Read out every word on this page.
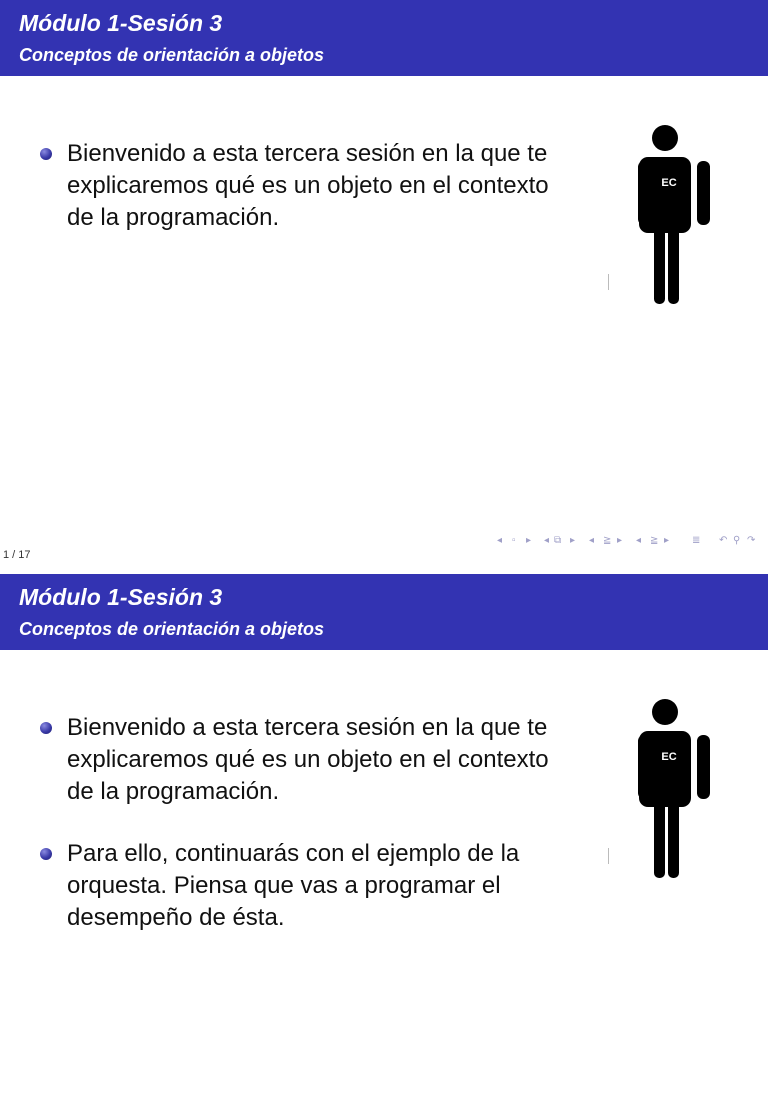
Módulo 1-Sesión 3
Conceptos de orientación a objetos
Bienvenido a esta tercera sesión en la que te explicaremos qué es un objeto en el contexto de la programación.
EC
◂ ▫ ▸ ◂ ⧉ ▸ ◂ ≧ ▸ ◂ ≧ ▸ ≣ ↶ ⚲ ↷
1 / 17
Módulo 1-Sesión 3
Conceptos de orientación a objetos
Bienvenido a esta tercera sesión en la que te explicaremos qué es un objeto en el contexto de la programación.
Para ello, continuarás con el ejemplo de la orquesta. Piensa que vas a programar el desempeño de ésta.
EC
